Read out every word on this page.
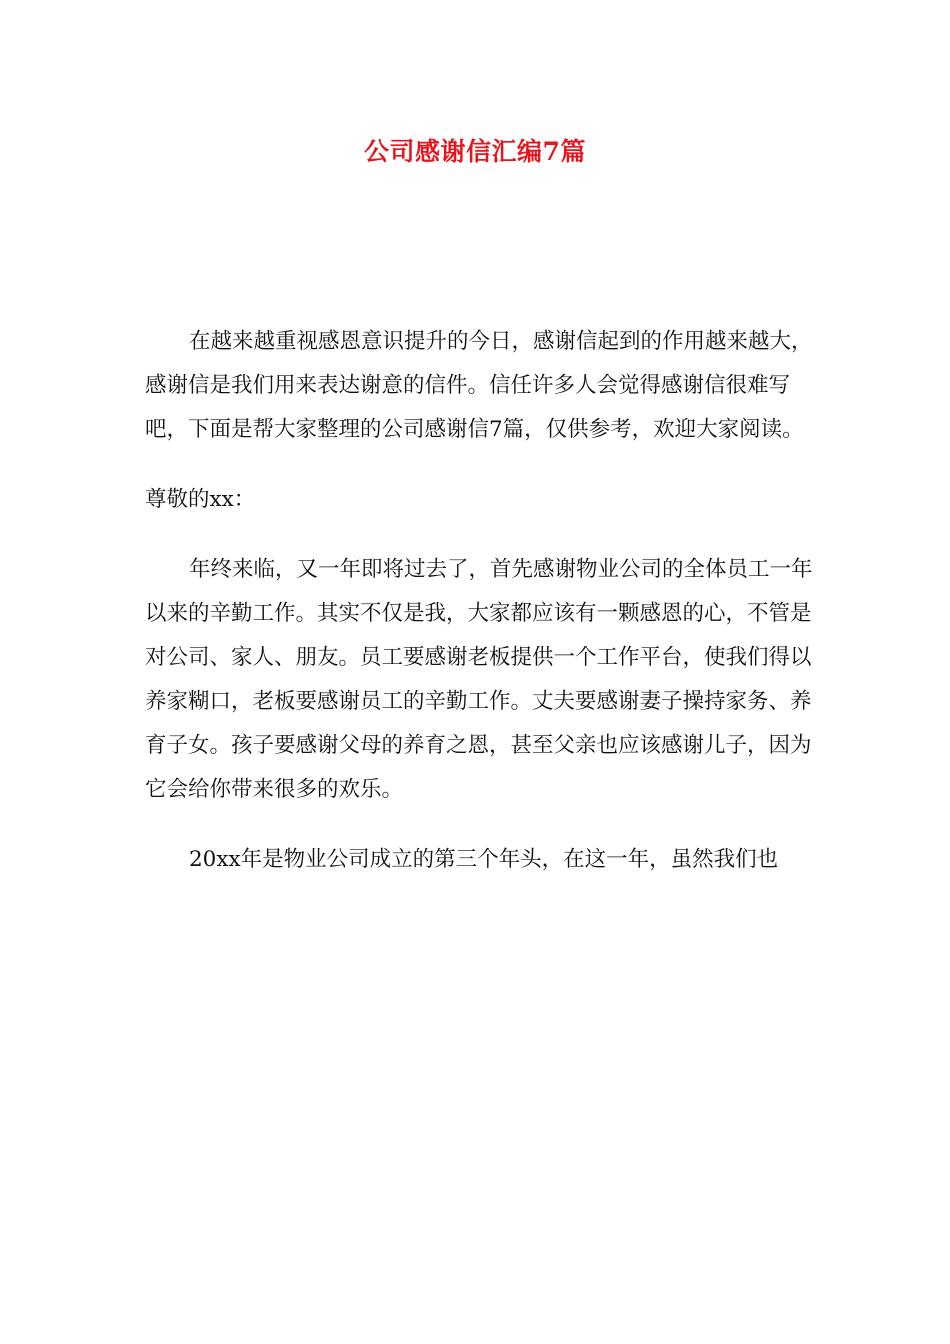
公司感谢信汇编7篇

在越来越重视感恩意识提升的今日，感谢信起到的作用越来越大，感谢信是我们用来表达谢意的信件。信任许多人会觉得感谢信很难写吧，下面是帮大家整理的公司感谢信7篇，仅供参考，欢迎大家阅读。

尊敬的xx：

年终来临，又一年即将过去了，首先感谢物业公司的全体员工一年以来的辛勤工作。其实不仅是我，大家都应该有一颗感恩的心，不管是对公司、家人、朋友。员工要感谢老板提供一个工作平台，使我们得以养家糊口，老板要感谢员工的辛勤工作。丈夫要感谢妻子操持家务、养育子女。孩子要感谢父母的养育之恩，甚至父亲也应该感谢儿子，因为它会给你带来很多的欢乐。

20xx年是物业公司成立的第三个年头，在这一年，虽然我们也
